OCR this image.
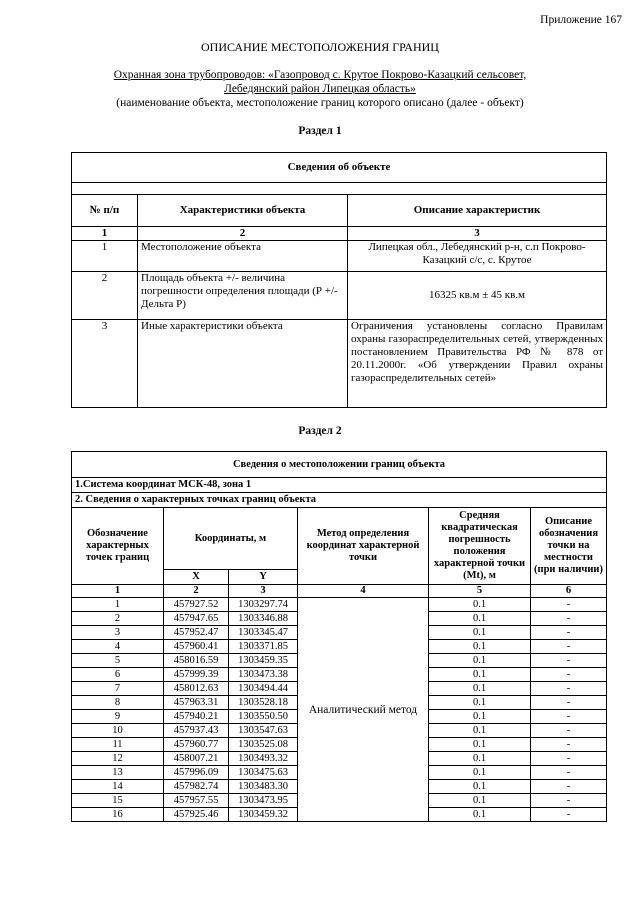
Приложение 167
ОПИСАНИЕ МЕСТОПОЛОЖЕНИЯ ГРАНИЦ
Охранная зона трубопроводов: «Газопровод с. Крутое Покрово-Казацкий сельсовет,
Лебедянский район Липецкая область»
(наименование объекта, местоположение границ которого описано (далее - объект)
Раздел 1
Сведения об объекте		

№ п/п	Характеристики объекта	Описание характеристик
1	2	3
1	Местоположение объекта	Липецкая обл., Лебедянский р-н, с.п Покрово-Казацкий с/с, с. Крутое
2	Площадь объекта +/- величина погрешности определения площади (Р +/- Дельта Р)	16325 кв.м ± 45 кв.м
3	Иные характеристики объекта	Ограничения установлены согласно Правилам охраны газораспределительных сетей, утвержденных постановлением Правительства РФ № 878 от 20.11.2000г. «Об утверждении Правил охраны газораспределительных сетей»
Раздел 2
Сведения о местоположении границ объекта					
1.Система координат МСК-48, зона 1					
2. Сведения о характерных точках границ объекта					
Обозначение характерных точек границ	Координаты, м		Метод определения координат характерной точки	Средняя квадратическая погрешность положения характерной точки (Mt), м	Описание обозначения точки на местности (при наличии)
	X	Y			
1	2	3	4	5	6
1	457927.52	1303297.74	Аналитический метод	0.1	-
2	457947.65	1303346.88		0.1	-
3	457952.47	1303345.47		0.1	-
4	457960.41	1303371.85		0.1	-
5	458016.59	1303459.35		0.1	-
6	457999.39	1303473.38		0.1	-
7	458012.63	1303494.44		0.1	-
8	457963.31	1303528.18		0.1	-
9	457940.21	1303550.50		0.1	-
10	457937.43	1303547.63		0.1	-
11	457960.77	1303525.08		0.1	-
12	458007.21	1303493.32		0.1	-
13	457996.09	1303475.63		0.1	-
14	457982.74	1303483.30		0.1	-
15	457957.55	1303473.95		0.1	-
16	457925.46	1303459.32		0.1	-
